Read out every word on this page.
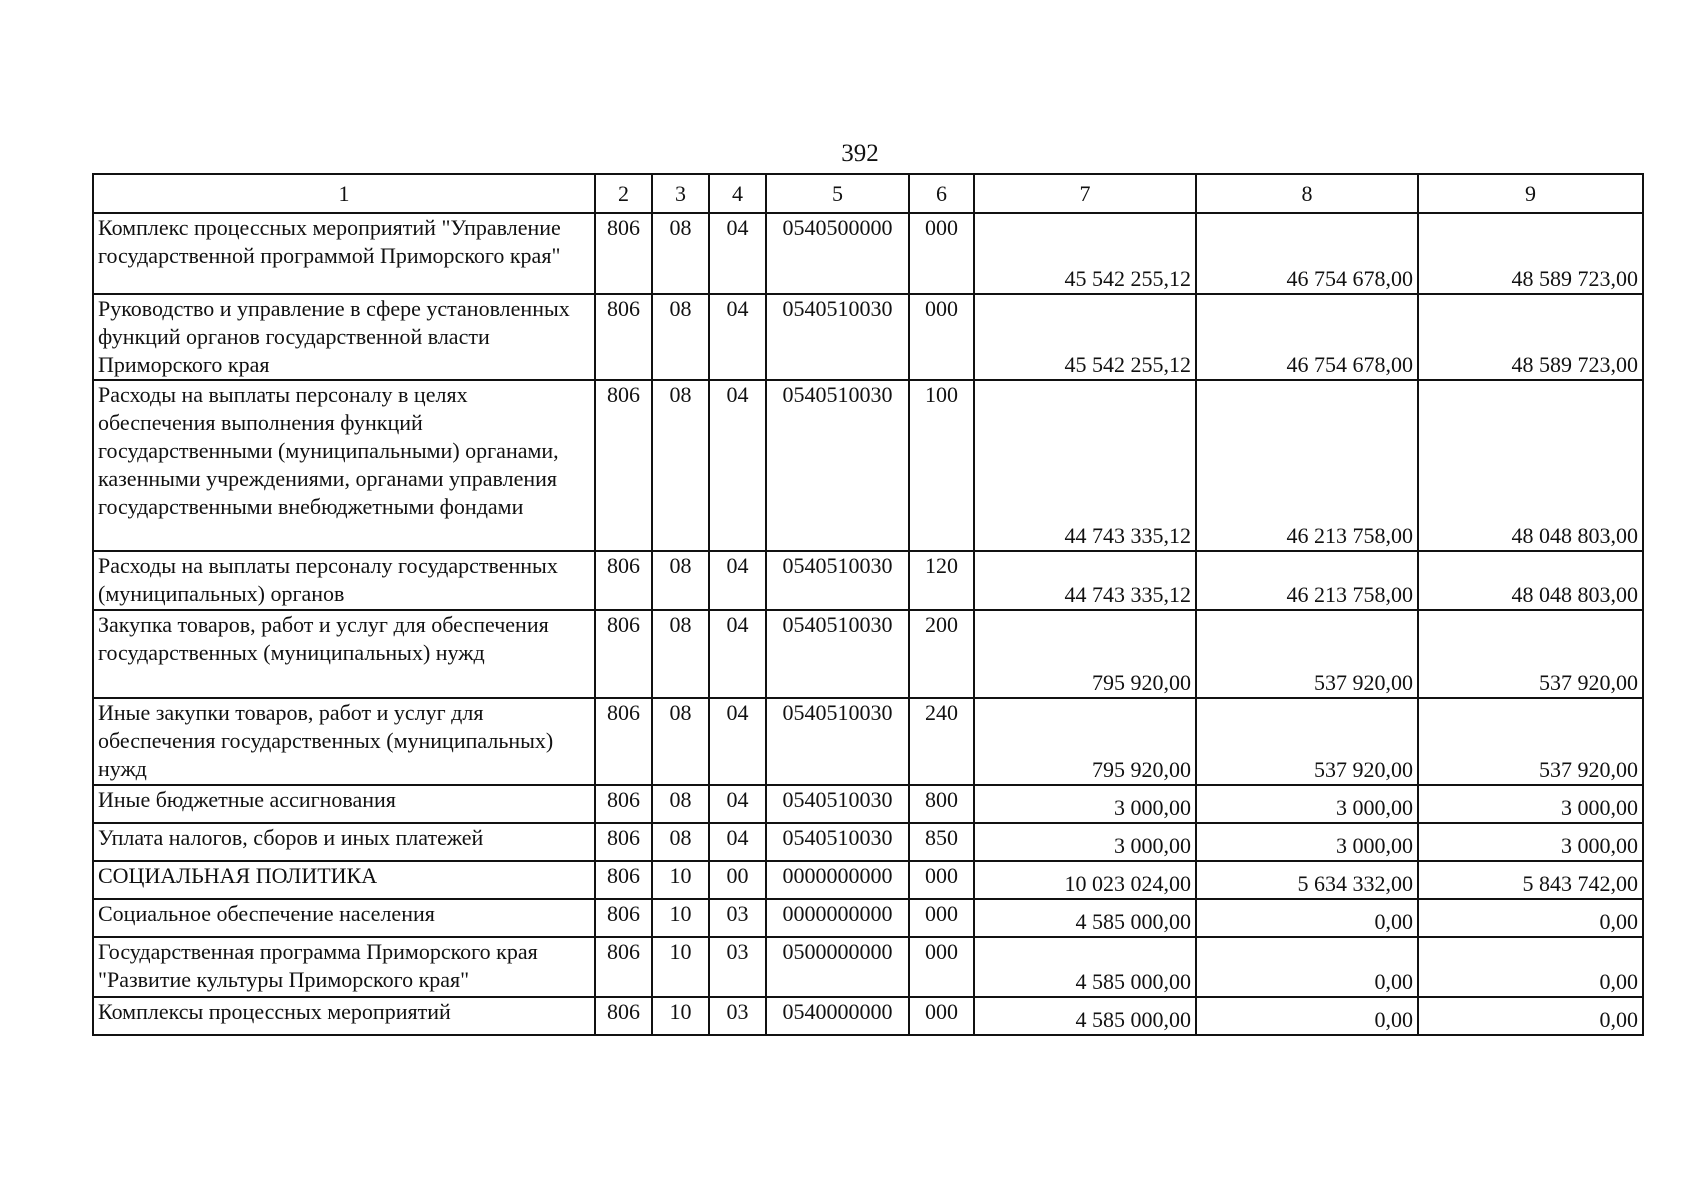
392
1	2	3	4	5	6	7	8	9
Комплекс процессных мероприятий "Управление государственной программой Приморского края"	806	08	04	0540500000	000	45 542 255,12	46 754 678,00	48 589 723,00
Руководство и управление в сфере установленных функций органов государственной власти Приморского края	806	08	04	0540510030	000	45 542 255,12	46 754 678,00	48 589 723,00
Расходы на выплаты персоналу в целях обеспечения выполнения функций государственными (муниципальными) органами, казенными учреждениями, органами управления государственными внебюджетными фондами	806	08	04	0540510030	100	44 743 335,12	46 213 758,00	48 048 803,00
Расходы на выплаты персоналу государственных (муниципальных) органов	806	08	04	0540510030	120	44 743 335,12	46 213 758,00	48 048 803,00
Закупка товаров, работ и услуг для обеспечения государственных (муниципальных) нужд	806	08	04	0540510030	200	795 920,00	537 920,00	537 920,00
Иные закупки товаров, работ и услуг для обеспечения государственных (муниципальных) нужд	806	08	04	0540510030	240	795 920,00	537 920,00	537 920,00
Иные бюджетные ассигнования	806	08	04	0540510030	800	3 000,00	3 000,00	3 000,00
Уплата налогов, сборов и иных платежей	806	08	04	0540510030	850	3 000,00	3 000,00	3 000,00
СОЦИАЛЬНАЯ ПОЛИТИКА	806	10	00	0000000000	000	10 023 024,00	5 634 332,00	5 843 742,00
Социальное обеспечение населения	806	10	03	0000000000	000	4 585 000,00	0,00	0,00
Государственная программа Приморского края "Развитие культуры Приморского края"	806	10	03	0500000000	000	4 585 000,00	0,00	0,00
Комплексы процессных мероприятий	806	10	03	0540000000	000	4 585 000,00	0,00	0,00
